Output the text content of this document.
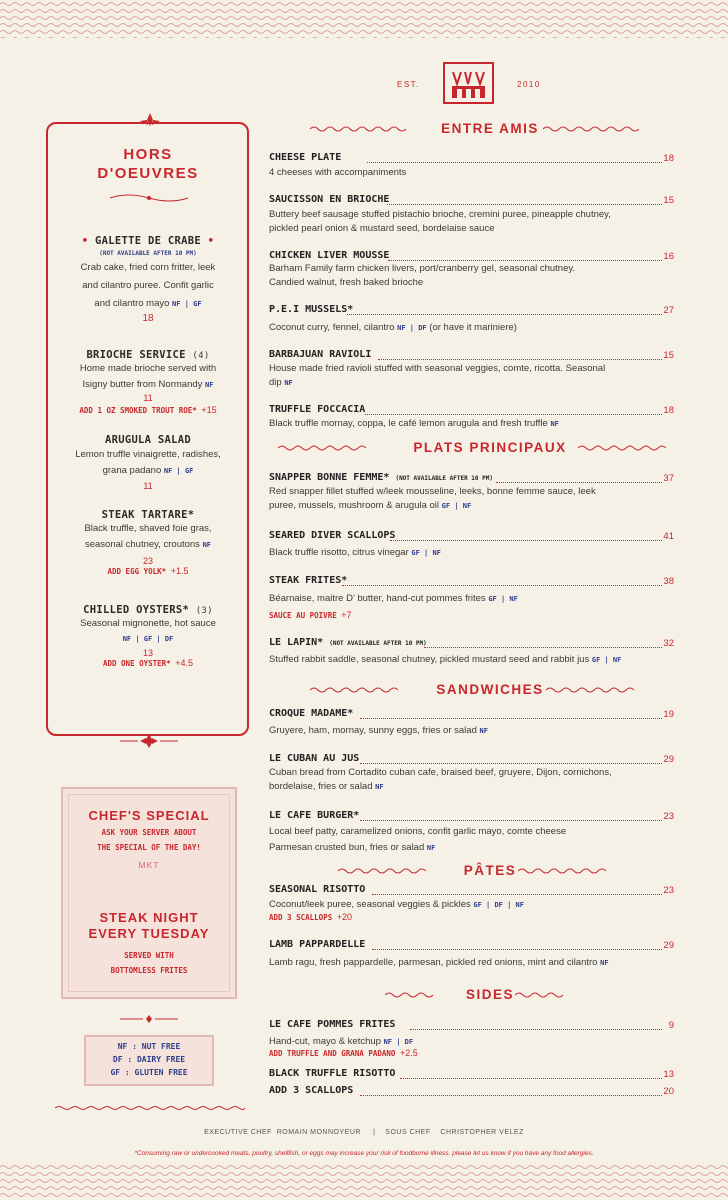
EST.	2010
HORS
D'OEUVRES
• GALETTE DE CRABE •
(NOT AVAILABLE AFTER 10 PM)
Crab cake, fried corn fritter, leek
and cilantro puree. Confit garlic
and cilantro mayo NF | GF
18
BRIOCHE SERVICE (4)
Home made brioche served with
Isigny butter from Normandy NF
11
ADD 1 OZ SMOKED TROUT ROE* +15
ARUGULA SALAD
Lemon truffle vinaigrette, radishes,
grana padano NF | GF
11
STEAK TARTARE*
Black truffle, shaved foie gras,
seasonal chutney, croutons NF
23
ADD EGG YOLK* +1.5
CHILLED OYSTERS* (3)
Seasonal mignonette, hot sauce
NF | GF | DF
13
ADD ONE OYSTER* +4.5
CHEF'S SPECIAL
ASK YOUR SERVER ABOUT
THE SPECIAL OF THE DAY!
MKT
STEAK NIGHT
EVERY TUESDAY
SERVED WITH
BOTTOMLESS FRITES
NF : NUT FREE
DF : DAIRY FREE
GF : GLUTEN FREE
ENTRE AMIS
CHEESE PLATE	18
4 cheeses with accompaniments
SAUCISSON EN BRIOCHE	15
Buttery beef sausage stuffed pistachio brioche, cremini puree, pineapple chutney,
pickled pearl onion & mustard seed, bordelaise sauce
CHICKEN LIVER MOUSSE	16
Barham Family farm chicken livers, port/cranberry gel, seasonal chutney.
Candied walnut, fresh baked brioche
P.E.I MUSSELS*	27
Coconut curry, fennel, cilantro NF | DF (or have it mariniere)
BARBAJUAN RAVIOLI	15
House made fried ravioli stuffed with seasonal veggies, comte, ricotta. Seasonal
dip NF
TRUFFLE FOCCACIA	18
Black truffle mornay, coppa, le café lemon arugula and fresh truffle NF
PLATS PRINCIPAUX
SNAPPER BONNE FEMME* (NOT AVAILABLE AFTER 10 PM)	37
Red snapper fillet stuffed w/leek mousseline, leeks, bonne femme sauce, leek
puree, mussels, mushroom & arugula oil GF | NF
SEARED DIVER SCALLOPS	41
Black truffle risotto, citrus vinegar GF | NF
STEAK FRITES*	38
Béarnaise, maitre D’ butter, hand-cut pommes frites GF | NF
SAUCE AU POIVRE +7
LE LAPIN* (NOT AVAILABLE AFTER 10 PM)	32
Stuffed rabbit saddle, seasonal chutney, pickled mustard seed and rabbit jus GF | NF
SANDWICHES
CROQUE MADAME*	19
Gruyere, ham, mornay, sunny eggs, fries or salad NF
LE CUBAN AU JUS	29
Cuban bread from Cortadito cuban cafe, braised beef, gruyere, Dijon, cornichons,
bordelaise, fries or salad NF
LE CAFE BURGER*	23
Local beef patty, caramelized onions, confit garlic mayo, comte cheese
Parmesan crusted bun, fries or salad NF
PÂTES
SEASONAL RISOTTO	23
Coconut/leek puree, seasonal veggies & pickles GF | DF | NF
ADD 3 SCALLOPS +20
LAMB PAPPARDELLE	29
Lamb ragu, fresh pappardelle, parmesan, pickled red onions, mint and cilantro NF
SIDES
LE CAFE POMMES FRITES	9
Hand-cut, mayo & ketchup NF | DF
ADD TRUFFLE AND GRANA PADANO +2.5
BLACK TRUFFLE RISOTTO	13
ADD 3 SCALLOPS	20
EXECUTIVE CHEF ROMAIN MONNOYEUR | SOUS CHEF CHRISTOPHER VELEZ
*Consuming raw or undercooked meats, poultry, shellfish, or eggs may increase your risk of foodborne illness. please let us know if you have any food allergies.
